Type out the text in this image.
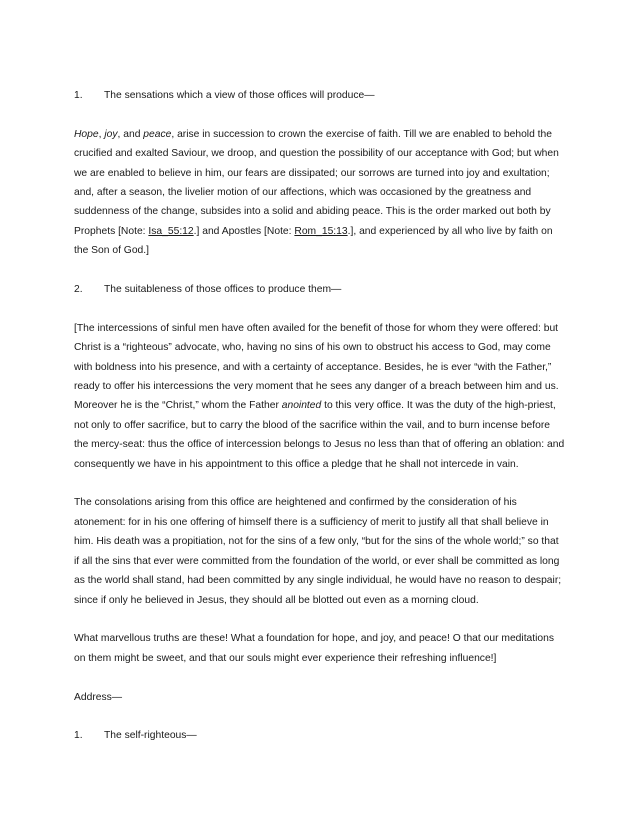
1.	The sensations which a view of those offices will produce—

Hope, joy, and peace, arise in succession to crown the exercise of faith. Till we are enabled to behold the crucified and exalted Saviour, we droop, and question the possibility of our acceptance with God; but when we are enabled to believe in him, our fears are dissipated; our sorrows are turned into joy and exultation; and, after a season, the livelier motion of our affections, which was occasioned by the greatness and suddenness of the change, subsides into a solid and abiding peace. This is the order marked out both by Prophets [Note: Isa_55:12.] and Apostles [Note: Rom_15:13.], and experienced by all who live by faith on the Son of God.]

2.	The suitableness of those offices to produce them—

[The intercessions of sinful men have often availed for the benefit of those for whom they were offered: but Christ is a “righteous” advocate, who, having no sins of his own to obstruct his access to God, may come with boldness into his presence, and with a certainty of acceptance. Besides, he is ever “with the Father,” ready to offer his intercessions the very moment that he sees any danger of a breach between him and us. Moreover he is the “Christ,” whom the Father anointed to this very office. It was the duty of the high-priest, not only to offer sacrifice, but to carry the blood of the sacrifice within the vail, and to burn incense before the mercy-seat: thus the office of intercession belongs to Jesus no less than that of offering an oblation: and consequently we have in his appointment to this office a pledge that he shall not intercede in vain.

The consolations arising from this office are heightened and confirmed by the consideration of his atonement: for in his one offering of himself there is a sufficiency of merit to justify all that shall believe in him. His death was a propitiation, not for the sins of a few only, “but for the sins of the whole world;” so that if all the sins that ever were committed from the foundation of the world, or ever shall be committed as long as the world shall stand, had been committed by any single individual, he would have no reason to despair; since if only he believed in Jesus, they should all be blotted out even as a morning cloud.

What marvellous truths are these! What a foundation for hope, and joy, and peace! O that our meditations on them might be sweet, and that our souls might ever experience their refreshing influence!]

Address—

1.	The self-righteous—
